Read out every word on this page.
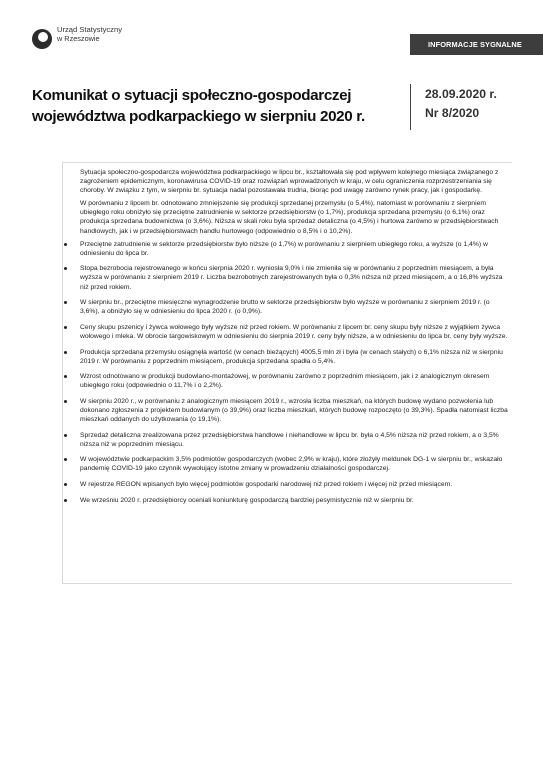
Urząd Statystyczny
w Rzeszowie
INFORMACJE SYGNALNE
Komunikat o sytuacji społeczno-gospodarczej
województwa podkarpackiego w sierpniu 2020 r.
28.09.2020 r.
Nr 8/2020

Sytuacja społeczno-gospodarcza województwa podkarpackiego w lipcu br., kształtowała się pod wpływem kolejnego miesiąca związanego z zagrożeniem epidemicznym, koronawirusa COVID-19 oraz rozwiązań wprowadzonych w kraju, w celu ograniczenia rozprzestrzeniania się choroby. W związku z tym, w sierpniu br. sytuacja nadal pozostawała trudna, biorąc pod uwagę zarówno rynek pracy, jak i gospodarkę.

W porównaniu z lipcem br. odnotowano zmniejszenie się produkcji sprzedanej przemysłu (o 5,4%), natomiast w porównaniu z sierpniem ubiegłego roku obniżyło się przeciętne zatrudnienie w sektorze przedsiębiorstw (o 1,7%), produkcja sprzedana przemysłu (o 6,1%) oraz produkcja sprzedana budownictwa (o 3,6%). Niższa w skali roku była sprzedaż detaliczna (o 4,5%) i hurtowa zarówno w przedsiębiorstwach handlowych, jak i w przedsiębiorstwach handlu hurtowego (odpowiednio o 8,5% i o 10,2%).

Przeciętne zatrudnienie w sektorze przedsiębiorstw było niższe (o 1,7%) w porównaniu z sierpniem ubiegłego roku, a wyższe (o 1,4%) w odniesieniu do lipca br.
Stopa bezrobocia rejestrowanego w końcu sierpnia 2020 r. wyniosła 9,0% i nie zmieniła się w porównaniu z poprzednim miesiącem, a była wyższa w porównaniu z sierpniem 2019 r. Liczba bezrobotnych zarejestrowanych była o 0,3% niższa niż przed miesiącem, a o 16,8% wyższa niż przed rokiem.
W sierpniu br., przeciętne miesięczne wynagrodzenie brutto w sektorze przedsiębiorstw było wyższe w porównaniu z sierpniem 2019 r. (o 3,6%), a obniżyło się w odniesieniu do lipca 2020 r. (o 0,9%).
Ceny skupu pszenicy i żywca wołowego były wyższe niż przed rokiem. W porównaniu z lipcem br. ceny skupu były niższe z wyjątkiem żywca wołowego i mleka. W obrocie targowiskowym w odniesieniu do sierpnia 2019 r. ceny były niższe, a w odniesieniu do lipca br. ceny były wyższe.
Produkcja sprzedana przemysłu osiągnęła wartość (w cenach bieżących) 4005,5 mln zł i była (w cenach stałych) o 6,1% niższa niż w sierpniu 2019 r. W porównaniu z poprzednim miesiącem, produkcja sprzedana spadła o 5,4%.
Wzrost odnotowano w produkcji budowlano-montażowej, w porównaniu zarówno z poprzednim miesiącem, jak i z analogicznym okresem ubiegłego roku (odpowiednio o 11,7% i o 2,2%).
W sierpniu 2020 r., w porównaniu z analogicznym miesiącem 2019 r., wzrosła liczba mieszkań, na których budowę wydano pozwolenia lub dokonano zgłoszenia z projektem budowlanym (o 39,9%) oraz liczba mieszkań, których budowę rozpoczęto (o 39,3%). Spadła natomiast liczba mieszkań oddanych do użytkowania (o 19,1%).
Sprzedaż detaliczna zrealizowana przez przedsiębiorstwa handlowe i niehandlowe w lipcu br. była o 4,5% niższa niż przed rokiem, a o 3,5% niższa niż w poprzednim miesiącu.
W województwie podkarpackim 3,5% podmiotów gospodarczych (wobec 2,9% w kraju), które złożyły meldunek DG-1 w sierpniu br., wskazało pandemię COVID-19 jako czynnik wywołujący istotne zmiany w prowadzeniu działalności gospodarczej.
W rejestrze REGON wpisanych było więcej podmiotów gospodarki narodowej niż przed rokiem i więcej niż przed miesiącem.
We wrześniu 2020 r. przedsiębiorcy oceniali koniunkturę gospodarczą bardziej pesymistycznie niż w sierpniu br.
